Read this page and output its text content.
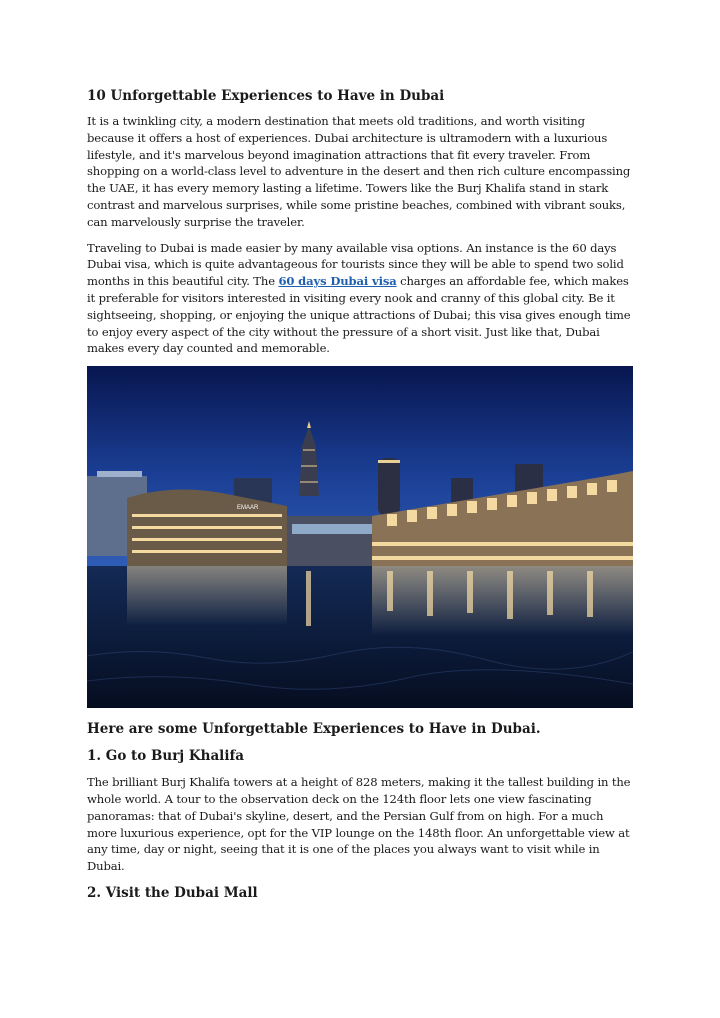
10 Unforgettable Experiences to Have in Dubai

It is a twinkling city, a modern destination that meets old traditions, and worth visiting because it offers a host of experiences. Dubai architecture is ultramodern with a luxurious lifestyle, and it's marvelous beyond imagination attractions that fit every traveler. From shopping on a world-class level to adventure in the desert and then rich culture encompassing the UAE, it has every memory lasting a lifetime. Towers like the Burj Khalifa stand in stark contrast and marvelous surprises, while some pristine beaches, combined with vibrant souks, can marvelously surprise the traveler.

Traveling to Dubai is made easier by many available visa options. An instance is the 60 days Dubai visa, which is quite advantageous for tourists since they will be able to spend two solid months in this beautiful city. The 60 days Dubai visa charges an affordable fee, which makes it preferable for visitors interested in visiting every nook and cranny of this global city. Be it sightseeing, shopping, or enjoying the unique attractions of Dubai; this visa gives enough time to enjoy every aspect of the city without the pressure of a short visit. Just like that, Dubai makes every day counted and memorable.

EMAAR
Here are some Unforgettable Experiences to Have in Dubai.
1. Go to Burj Khalifa

The brilliant Burj Khalifa towers at a height of 828 meters, making it the tallest building in the whole world. A tour to the observation deck on the 124th floor lets one view fascinating panoramas: that of Dubai's skyline, desert, and the Persian Gulf from on high. For a much more luxurious experience, opt for the VIP lounge on the 148th floor. An unforgettable view at any time, day or night, seeing that it is one of the places you always want to visit while in Dubai.

2. Visit the Dubai Mall
